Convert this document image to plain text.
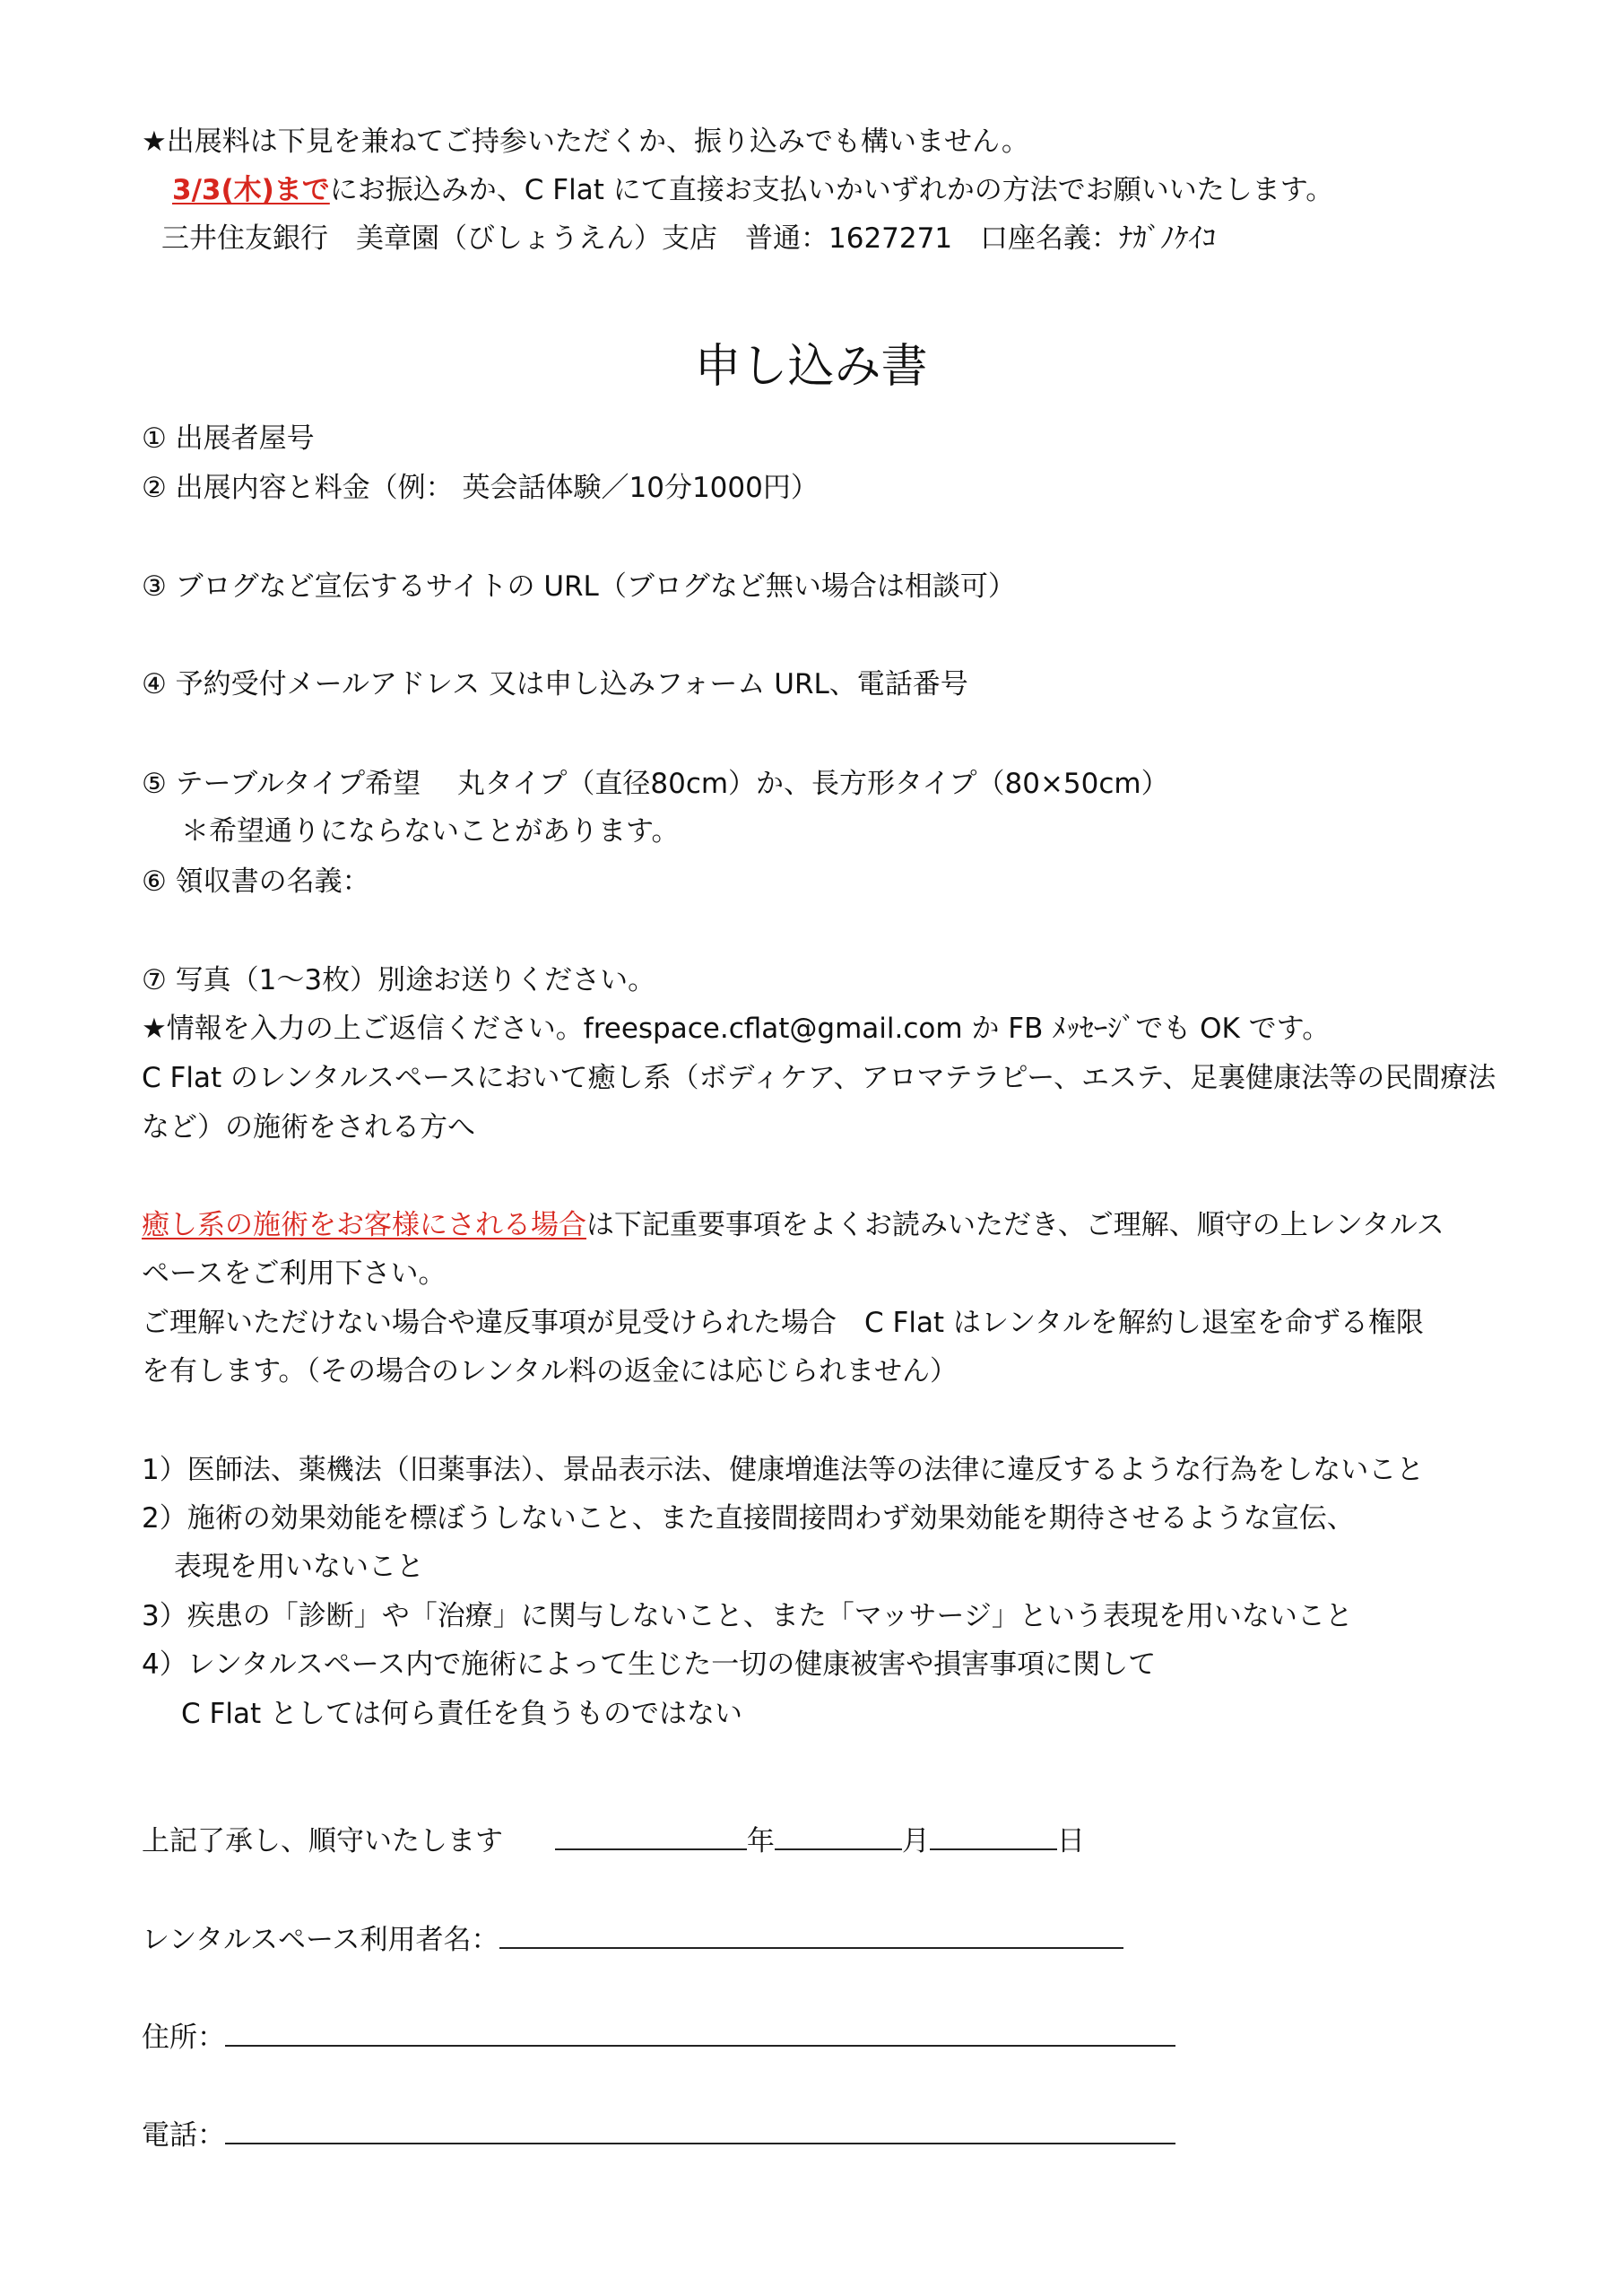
★出展料は下見を兼ねてご持参いただくか、振り込みでも構いません。
3/3(木)までにお振込みか、C Flat にて直接お支払いかいずれかの方法でお願いいたします。
三井住友銀行　美章園（びしょうえん）支店　普通：1627271　口座名義：ﾅｶﾞﾉｹｲｺ
申し込み書
① 出展者屋号
② 出展内容と料金（例： 英会話体験／10分1000円）
③ ブログなど宣伝するサイトの URL（ブログなど無い場合は相談可）
④ 予約受付メールアドレス 又は申し込みフォーム URL、電話番号
⑤ テーブルタイプ希望　 丸タイプ（直径80cm）か、長方形タイプ（80×50cm）
＊希望通りにならないことがあります。
⑥ 領収書の名義：
⑦ 写真（1～3枚）別途お送りください。
★情報を入力の上ご返信ください。freespace.cflat@gmail.com か FB ﾒｯｾｰｼﾞでも OK です。
C Flat のレンタルスペースにおいて癒し系（ボディケア、アロマテラピー、エステ、足裏健康法等の民間療法
など）の施術をされる方へ
癒し系の施術をお客様にされる場合は下記重要事項をよくお読みいただき、ご理解、順守の上レンタルス
ペースをご利用下さい。
ご理解いただけない場合や違反事項が見受けられた場合　C Flat はレンタルを解約し退室を命ずる権限
を有します。（その場合のレンタル料の返金には応じられません）
1）医師法、薬機法（旧薬事法）、景品表示法、健康増進法等の法律に違反するような行為をしないこと
2）施術の効果効能を標ぼうしないこと、また直接間接問わず効果効能を期待させるような宣伝、
表現を用いないこと
3）疾患の「診断」や「治療」に関与しないこと、また「マッサージ」という表現を用いないこと
4）レンタルスペース内で施術によって生じた一切の健康被害や損害事項に関して
C Flat としては何ら責任を負うものではない
上記了承し、順守いたします	年	月	日
レンタルスペース利用者名：
住所：
電話：
